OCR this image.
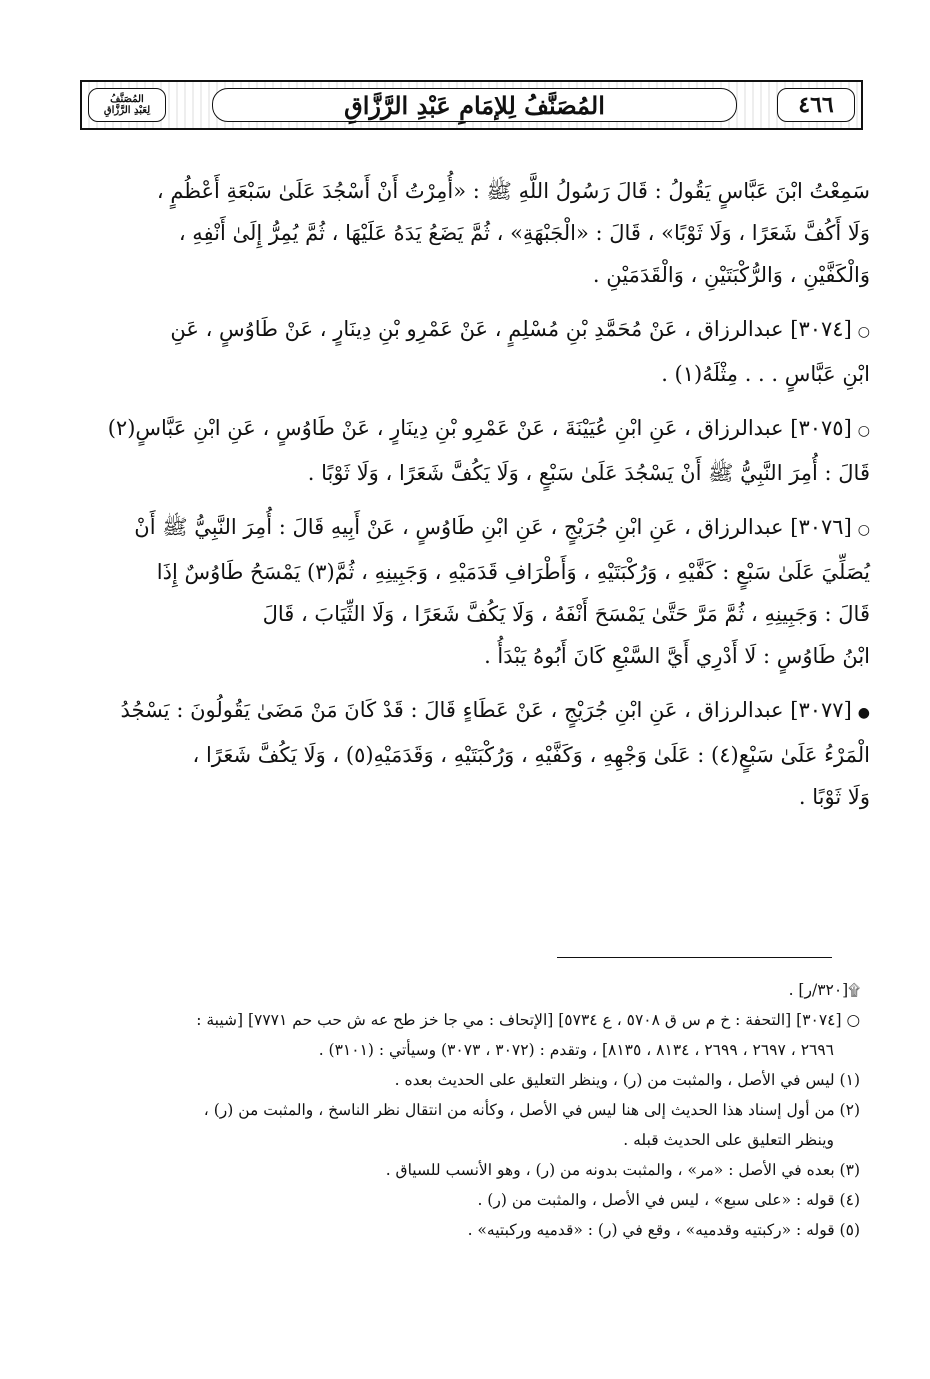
المُصَنَّفُ
لِعَبْدِ الرَّزَّاقِ	المُصَنَّفُ لِلإمَامِ عَبْدِ الرَّزَّاقِ	٤٦٦

سَمِعْتُ ابْنَ عَبَّاسٍ يَقُولُ : قَالَ رَسُولُ اللَّهِ ﷺ : «أُمِرْتُ أَنْ أَسْجُدَ عَلَىٰ سَبْعَةِ أَعْظُمٍ ،

وَلَا أَكُفَّ شَعَرًا ، وَلَا ثَوْبًا» ، قَالَ : «الْجَبْهَةِ» ، ثُمَّ يَضَعُ يَدَهُ عَلَيْهَا ، ثُمَّ يُمِرُّ إِلَىٰ أَنْفِهِ ،

وَالْكَفَّيْنِ ، وَالرُّكْبَتَيْنِ ، وَالْقَدَمَيْنِ .

○[٣٠٧٤] عبدالرزاق ، عَنْ مُحَمَّدِ بْنِ مُسْلِمٍ ، عَنْ عَمْرِو بْنِ دِينَارٍ ، عَنْ طَاوُسٍ ، عَنِ

ابْنِ عَبَّاسٍ . . . مِثْلَهُ(١) .

○[٣٠٧٥] عبدالرزاق ، عَنِ ابْنِ عُيَيْنَةَ ، عَنْ عَمْرِو بْنِ دِينَارٍ ، عَنْ طَاوُسٍ ، عَنِ ابْنِ عَبَّاسٍ(٢)

قَالَ : أُمِرَ النَّبِيُّ ﷺ أَنْ يَسْجُدَ عَلَىٰ سَبْعٍ ، وَلَا يَكُفَّ شَعَرًا ، وَلَا ثَوْبًا .

○[٣٠٧٦] عبدالرزاق ، عَنِ ابْنِ جُرَيْجٍ ، عَنِ ابْنِ طَاوُسٍ ، عَنْ أَبِيهِ قَالَ : أُمِرَ النَّبِيُّ ﷺ أَنْ

يُصَلِّيَ عَلَىٰ سَبْعٍ : كَفَّيْهِ ، وَرُكْبَتَيْهِ ، وَأَطْرَافِ قَدَمَيْهِ ، وَجَبِينِهِ ، ثُمَّ(٣) يَمْسَحُ طَاوُسٌ إِذَا

قَالَ : وَجَبِينِهِ ، ثُمَّ مَرَّ حَتَّىٰ يَمْسَحَ أَنْفَهُ ، وَلَا يَكُفَّ شَعَرًا ، وَلَا الثِّيَابَ ، قَالَ

ابْنُ طَاوُسٍ : لَا أَدْرِي أَيَّ السَّبْعِ كَانَ أَبُوهُ يَبْدَأُ .

●[٣٠٧٧] عبدالرزاق ، عَنِ ابْنِ جُرَيْجٍ ، عَنْ عَطَاءٍ قَالَ : قَدْ كَانَ مَنْ مَضَىٰ يَقُولُونَ : يَسْجُدُ

الْمَرْءُ عَلَىٰ سَبْعٍ(٤) : عَلَىٰ وَجْهِهِ ، وَكَفَّيْهِ ، وَرُكْبَتَيْهِ ، وَقَدَمَيْهِ(٥) ، وَلَا يَكُفَّ شَعَرًا ،

وَلَا ثَوْبًا .

۩[٣٢٠/ر] .
○ [٣٠٧٤] [التحفة : خ م س ق ٥٧٠٨ ، ع ٥٧٣٤] [الإتحاف : مي جا خز طح عه ش حب حم ٧٧٧١] [شيبة :
٢٦٩٦ ، ٢٦٩٧ ، ٢٦٩٩ ، ٨١٣٤ ، ٨١٣٥] ، وتقدم : (٣٠٧٢ ، ٣٠٧٣) وسيأتي : (٣١٠١) .
(١) ليس في الأصل ، والمثبت من (ر) ، وينظر التعليق على الحديث بعده .
(٢) من أول إسناد هذا الحديث إلى هنا ليس في الأصل ، وكأنه من انتقال نظر الناسخ ، والمثبت من (ر) ،
وينظر التعليق على الحديث قبله .
(٣) بعده في الأصل : «مر» ، والمثبت بدونه من (ر) ، وهو الأنسب للسياق .
(٤) قوله : «على سبع» ، ليس في الأصل ، والمثبت من (ر) .
(٥) قوله : «ركبتيه وقدميه» ، وقع في (ر) : «قدميه وركبتيه» .
